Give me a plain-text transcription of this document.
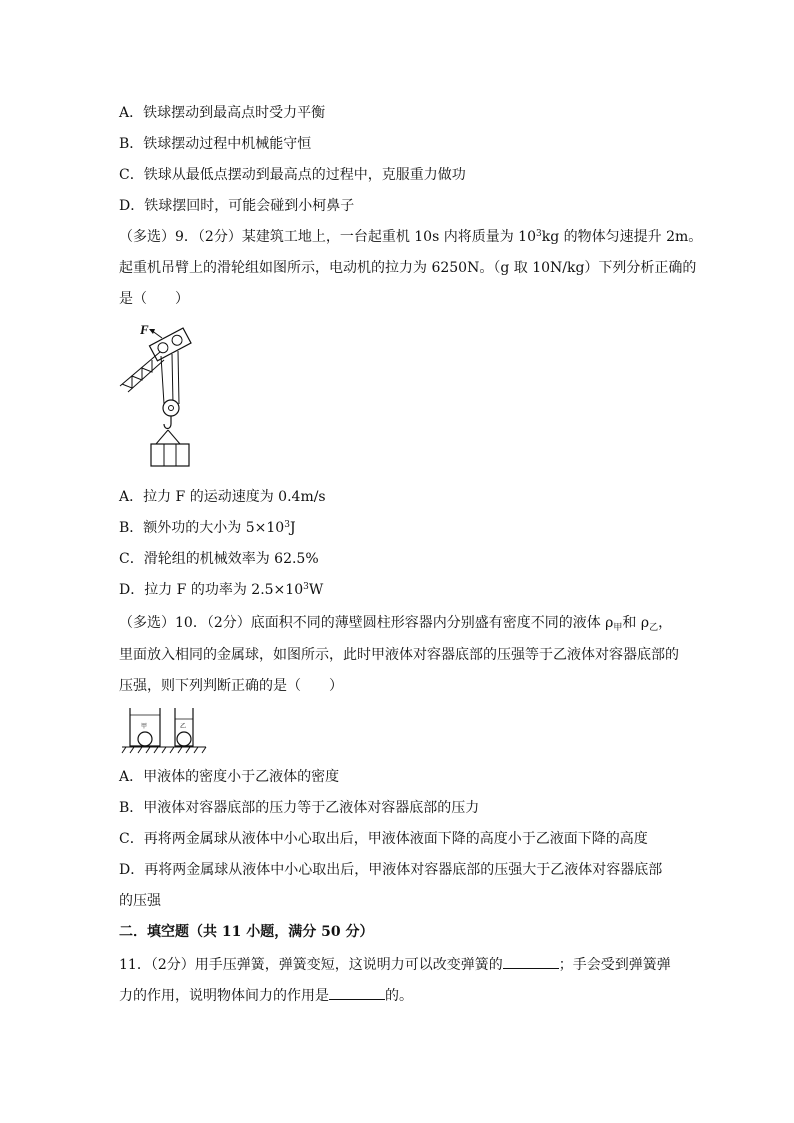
A．铁球摆动到最高点时受力平衡
B．铁球摆动过程中机械能守恒
C．铁球从最低点摆动到最高点的过程中，克服重力做功
D．铁球摆回时，可能会碰到小柯鼻子
（多选）9．（2分）某建筑工地上，一台起重机 10s 内将质量为 $10^3kg$ 的物体匀速提升 2m。
起重机吊臂上的滑轮组如图所示，电动机的拉力为 6250N。（g 取 10N/kg）下列分析正确的
是（　　）
F
A．拉力 F 的运动速度为 0.4m/s
B．额外功的大小为 $5\times 10^3J$
C．滑轮组的机械效率为 62.5%
D．拉力 F 的功率为 $2.5\times 10^3W$
（多选）10．（2分）底面积不同的薄壁圆柱形容器内分别盛有密度不同的液体 $\rho_甲$和 $\rho_乙$，
里面放入相同的金属球，如图所示，此时甲液体对容器底部的压强等于乙液体对容器底部的
压强，则下列判断正确的是（　　）
甲	乙
A．甲液体的密度小于乙液体的密度
B．甲液体对容器底部的压力等于乙液体对容器底部的压力
C．再将两金属球从液体中小心取出后，甲液体液面下降的高度小于乙液面下降的高度
D．再将两金属球从液体中小心取出后，甲液体对容器底部的压强大于乙液体对容器底部
的压强
二．填空题（共 11 小题，满分 50 分）
11．（2分）用手压弹簧，弹簧变短，这说明力可以改变弹簧的	；手会受到弹簧弹
力的作用，说明物体间力的作用是	的。
